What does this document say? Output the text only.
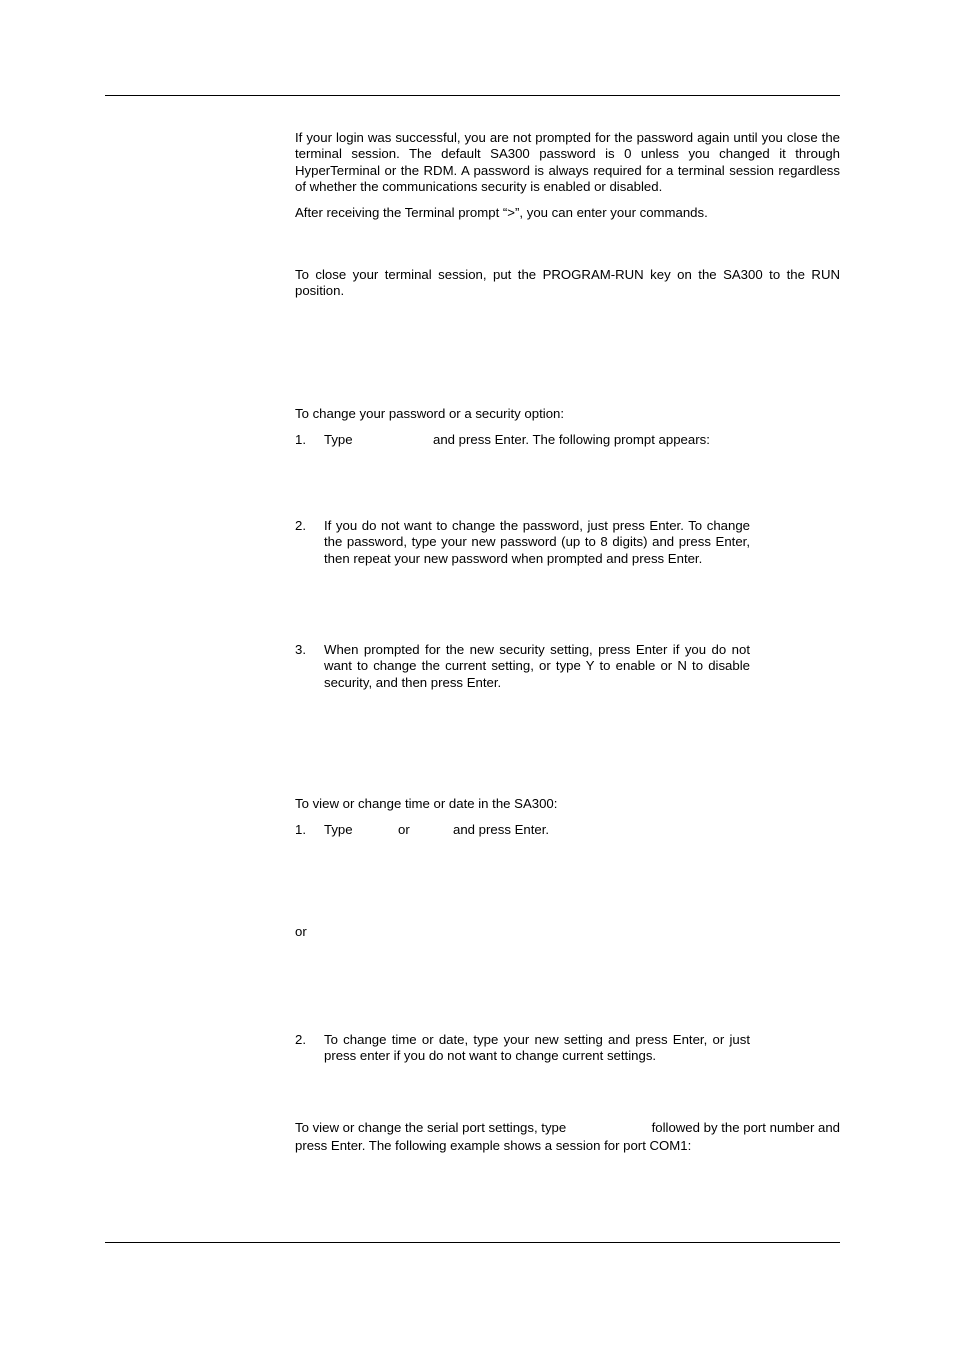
If your login was successful, you are not prompted for the password again until you close the terminal session. The default SA300 password is 0 unless you changed it through HyperTerminal or the RDM. A password is always required for a terminal session regardless of whether the communications security is enabled or disabled.

After receiving the Terminal prompt “>”, you can enter your commands.

To close your terminal session, put the PROGRAM-RUN key on the SA300 to the RUN position.

To change your password or a security option:

1. Type	and press Enter. The following prompt appears:
2. If you do not want to change the password, just press Enter. To change the password, type your new password (up to 8 digits) and press Enter, then repeat your new password when prompted and press Enter.
3. When prompted for the new security setting, press Enter if you do not want to change the current setting, or type Y to enable or N to disable security, and then press Enter.

To view or change time or date in the SA300:

1. Type	or	and press Enter.

or

2. To change time or date, type your new setting and press Enter, or just press enter if you do not want to change current settings.
To view or change the serial port settings, type	followed by the port number and

press Enter. The following example shows a session for port COM1:
